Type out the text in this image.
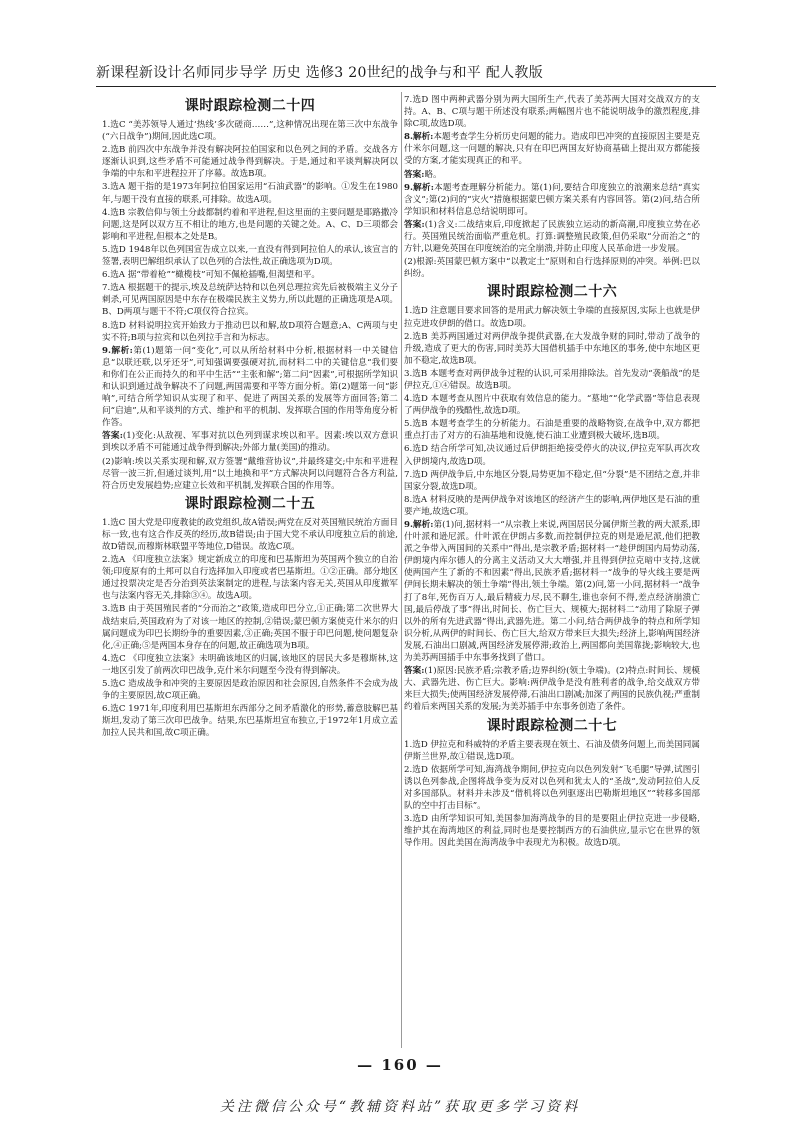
新课程新设计名师同步导学 历史 选修3 20世纪的战争与和平 配人教版
课时跟踪检测二十四
1.选C “美苏领导人通过‘热线’多次磋商……”,这种情况出现在第三次中东战争(“六日战争”)期间,因此选C项。
2.选B 前四次中东战争并没有解决阿拉伯国家和以色列之间的矛盾。交战各方逐渐认识到,这些矛盾不可能通过战争得到解决。于是,通过和平谈判解决阿以争端的中东和平进程拉开了序幕。故选B项。
3.选A 题干指的是1973年阿拉伯国家运用“石油武器”的影响。①发生在1980年,与题干没有直接的联系,可排除。故选A项。
4.选B 宗教信仰与领土分歧都制约着和平进程,但这里面的主要问题是耶路撒冷问题,这是阿以双方互不相让的地方,也是问题的关键之处。A、C、D三项都会影响和平进程,但根本之处是B。
5.选D 1948年以色列国宣告成立以来,一直没有得到阿拉伯人的承认,该宣言的签署,表明巴解组织承认了以色列的合法性,故正确选项为D项。
6.选A 据“带着枪”“橄榄枝”可知不佩枪插嘴,但渴望和平。
7.选A 根据题干的提示,埃及总统萨达特和以色列总理拉宾先后被极端主义分子刺杀,可见两国原因是中东存在极端民族主义势力,所以此题的正确选项是A项。B、D两项与题干不符;C项仅符合拉宾。
8.选D 材料说明拉宾开始致力于推动巴以和解,故D项符合题意;A、C两项与史实不符;B项与拉宾和以色列拉手言和为标志。
9.解析:第(1)题第一问“变化”,可以从所给材料中分析,根据材料一中关键信息“以联还联,以牙还牙”,可知强调要强硬对抗,而材料二中的关键信息“我们要和你们在公正而持久的和平中生活”“主张和解”;第二问“因素”,可根据所学知识和认识到通过战争解决不了问题,两国需要和平等方面分析。第(2)题第一问“影响”,可结合所学知识从实现了和平、促进了两国关系的发展等方面回答;第二问“启迪”,从和平谈判的方式、维护和平的机制、发挥联合国的作用等角度分析作答。
答案:(1)变化:从敌视、军事对抗以色列到谋求埃以和平。因素:埃以双方意识到埃以矛盾不可能通过战争得到解决;外部力量(美国)的推动。
(2)影响:埃以关系实现和解,双方签署“戴维营协议”,并最终建交;中东和平进程尽管一波三折,但通过谈判,用“以土地换和平”方式解决阿以问题符合各方利益,符合历史发展趋势;应建立长效和平机制,发挥联合国的作用等。
课时跟踪检测二十五
1.选C 国大党是印度教徒的政党组织,故A错误;两党在反对英国殖民统治方面目标一致,也有这合作反英的经历,故B错误;由于国大党不承认印度独立后的前途,故D错误,而穆斯林联盟平等地位,D错误。故选C项。
2.选A 《印度独立法案》规定新成立的印度和巴基斯坦为英国两个独立的自治领;印度原有的土邦可以自行选择加入印度或者巴基斯坦。①②正确。部分地区通过投票决定是否分治到英法案制定的进程,与法案内容无关,英国从印度撤军也与法案内容无关,排除③④。故选A项。
3.选B 由于英国殖民者的“分而治之”政策,造成印巴分立,①正确;第二次世界大战结束后,英国政府为了对该一地区的控制,②错误;蒙巴顿方案使克什米尔的归属问题成为印巴长期纷争的重要因素,③正确;英国不服于印巴问题,使问题复杂化,④正确;⑤是两国本身存在的问题,故正确选项为B项。
4.选C 《印度独立法案》未明确该地区的归属,该地区的居民大多是穆斯林,这一地区引发了前两次印巴战争,克什米尔问题至今没有得到解决。
5.选C 造成战争和冲突的主要原因是政治原因和社会原因,自然条件不会成为战争的主要原因,故C项正确。
6.选C 1971年,印度利用巴基斯坦东西部分之间矛盾激化的形势,蓄意肢解巴基斯坦,发动了第三次印巴战争。结果,东巴基斯坦宣布独立,于1972年1月成立孟加拉人民共和国,故C项正确。
7.选D 图中两种武器分别为两大国所生产,代表了美苏两大国对交战双方的支持。A、B、C项与题干所述没有联系;两幅图片也不能说明战争的激烈程度,排除C项,故选D项。
8.解析:本题考查学生分析历史问题的能力。造成印巴冲突的直接原因主要是克什米尔问题,这一问题的解决,只有在印巴两国友好协商基础上提出双方都能接受的方案,才能实现真正的和平。
答案:略。
9.解析:本题考查理解分析能力。第(1)问,要结合印度独立的浪潮来总结“真实含义”;第(2)问的“灾火”措施根据蒙巴顿方案关系有内容回答。第(2)问,结合所学知识和材料信息总结说明即可。
答案:(1)含义:二战结束后,印度掀起了民族独立运动的新高潮,印度独立势在必行。英国殖民统治面临严重危机。打算:调整殖民政策,但仍采取“分而治之”的方针,以避免英国在印度统治的完全崩溃,并防止印度人民革命进一步发展。
(2)根源:英国蒙巴顿方案中“以教定土”原则和自行选择原则的冲突。举例:巴以纠纷。
课时跟踪检测二十六
1.选D 注意题目要求回答的是用武力解决领土争端的直接原因,实际上也就是伊拉克进攻伊朗的借口。故选D项。
2.选B 美苏两国通过对两伊战争提供武器,在大发战争财的同时,带动了战争的升级,造成了更大的伤害,同时美苏大国借机插手中东地区的事务,使中东地区更加不稳定,故选B项。
3.选B 本题考查对两伊战争过程的认识,可采用排除法。首先发动“袭船战”的是伊拉克,①④错误。故选B项。
4.选D 本题考查从图片中获取有效信息的能力。“墓地”“化学武器”等信息表现了两伊战争的残酷性,故选D项。
5.选B 本题考查学生的分析能力。石油是重要的战略物资,在战争中,双方都把重点打击了对方的石油基地和设施,使石油工业遭到极大破坏,选B项。
6.选D 结合所学可知,决议通过后伊朗拒绝接受停火的决议,伊拉克军队再次攻入伊朗境内,故选D项。
7.选D 两伊战争后,中东地区分裂,局势更加不稳定,但“分裂”是不团结之意,并非国家分裂,故选D项。
8.选A 材料反映的是两伊战争对该地区的经济产生的影响,两伊地区是石油的重要产地,故选C项。
9.解析:第(1)问,据材料一“从宗教上来说,两国居民分属伊斯兰教的两大派系,即什叶派和逊尼派。什叶派在伊朗占多数,而控制伊拉克的则是逊尼派,他们把教派之争带入两国间的关系中”得出,是宗教矛盾;据材料一“趁伊朗国内局势动荡,伊朗境内库尔德人的分离主义活动又大大增强,并且得到伊拉克暗中支持,这就使两国产生了新的不和因素”得出,民族矛盾;据材料一“战争的导火线主要是两伊间长期未解决的领土争端”得出,领土争端。第(2)问,第一小问,据材料一“战争打了8年,死伤百万人,最后精疲力尽,民不聊生,谁也奈何不得,差点经济崩溃亡国,最后停战了事”得出,时间长、伤亡巨大、规模大;据材料二“动用了除原子弹以外的所有先进武器”得出,武器先进。第二小问,结合两伊战争的特点和所学知识分析,从两伊的时间长、伤亡巨大,给双方带来巨大损失;经济上,影响两国经济发展,石油出口剧减,两国经济发展停滞;政治上,两国都向美国靠拢;影响较大,也为美苏两国插手中东事务找到了借口。
答案:(1)原因:民族矛盾;宗教矛盾;边界纠纷(领土争端)。(2)特点:时间长、规模大、武器先进、伤亡巨大。影响:两伊战争是没有胜利者的战争,给交战双方带来巨大损失;使两国经济发展停滞,石油出口剧减;加深了两国的民族仇视;严重制约着后来两国关系的发展;为美苏插手中东事务创造了条件。
课时跟踪检测二十七
1.选D 伊拉克和科威特的矛盾主要表现在领土、石油及债务问题上,而美国同属伊斯兰世界,故①错误,选D项。
2.选D 依据所学可知,海湾战争期间,伊拉克向以色列发射“飞毛腿”导弹,试图引诱以色列参战,企图将战争变为反对以色列和犹太人的“圣战”,发动阿拉伯人反对多国部队。材料并未涉及“借机将以色列驱逐出巴勒斯坦地区”“转移多国部队的空中打击目标”。
3.选D 由所学知识可知,美国参加海湾战争的目的是要阻止伊拉克进一步侵略,维护其在海湾地区的利益,同时也是要控制西方的石油供应,显示它在世界的领导作用。因此美国在海湾战争中表现尤为积极。故选D项。
— 160 —
关注微信公众号“教辅资料站”获取更多学习资料
